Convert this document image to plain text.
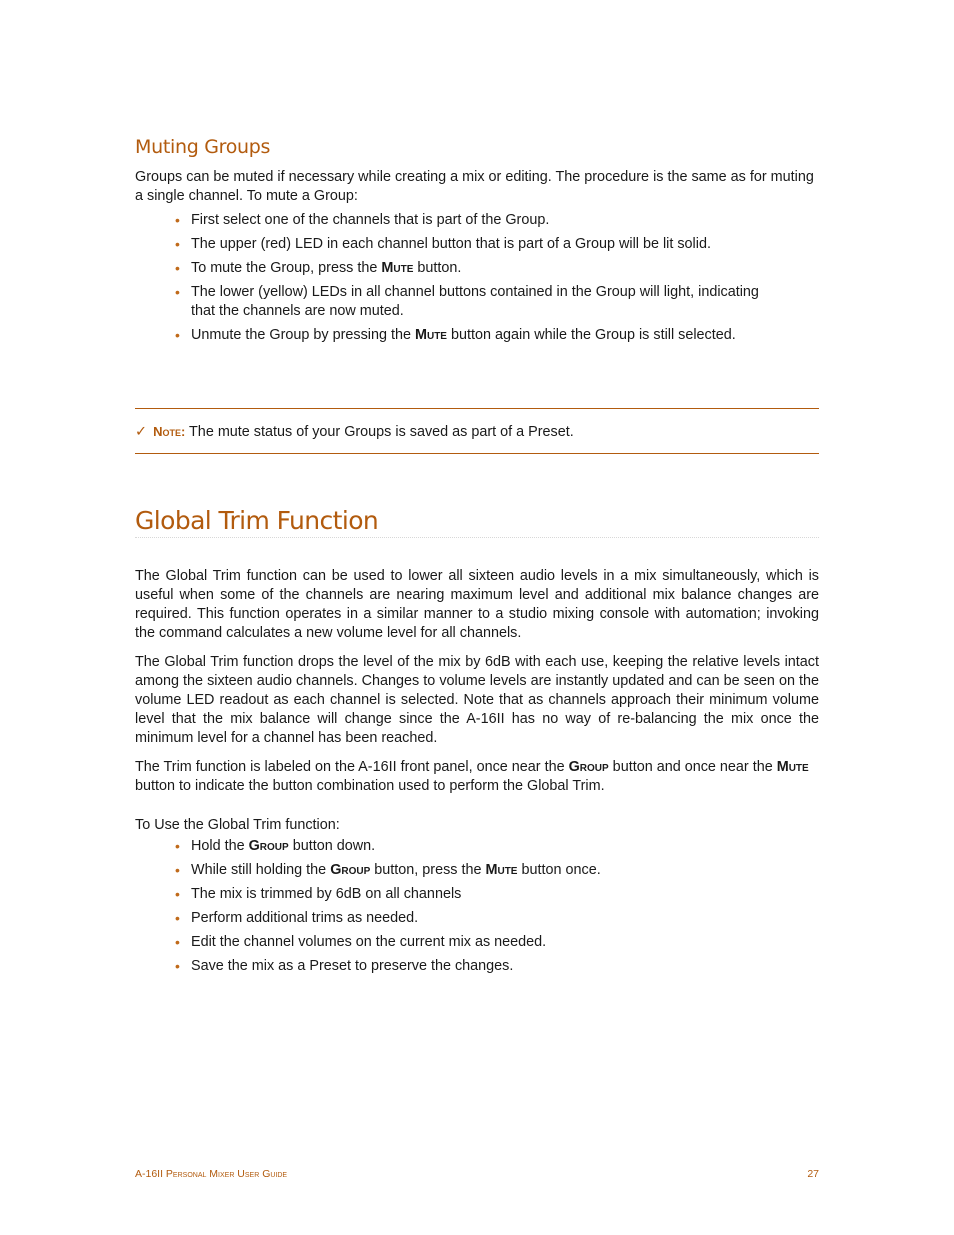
Muting Groups

Groups can be muted if necessary while creating a mix or editing. The procedure is the same as for muting a single channel. To mute a Group:

• First select one of the channels that is part of the Group.
• The upper (red) LED in each channel button that is part of a Group will be lit solid.
• To mute the Group, press the Mute button.
• The lower (yellow) LEDs in all channel buttons contained in the Group will light, indicating
that the channels are now muted.
• Unmute the Group by pressing the Mute button again while the Group is still selected.
✓ Note: The mute status of your Groups is saved as part of a Preset.
Global Trim Function

The Global Trim function can be used to lower all sixteen audio levels in a mix simultaneously, which is useful when some of the channels are nearing maximum level and additional mix balance changes are required. This function operates in a similar manner to a studio mixing console with automation; invoking the command calculates a new volume level for all channels.

The Global Trim function drops the level of the mix by 6dB with each use, keeping the relative levels intact among the sixteen audio channels. Changes to volume levels are instantly updated and can be seen on the volume LED readout as each channel is selected. Note that as channels approach their minimum volume level that the mix balance will change since the A-16II has no way of re-balancing the mix once the minimum level for a channel has been reached.

The Trim function is labeled on the A-16II front panel, once near the Group button and once near the Mute button to indicate the button combination used to perform the Global Trim.

To Use the Global Trim function:

• Hold the Group button down.
• While still holding the Group button, press the Mute button once.
• The mix is trimmed by 6dB on all channels
• Perform additional trims as needed.
• Edit the channel volumes on the current mix as needed.
• Save the mix as a Preset to preserve the changes.
A-16II Personal Mixer User Guide	27
